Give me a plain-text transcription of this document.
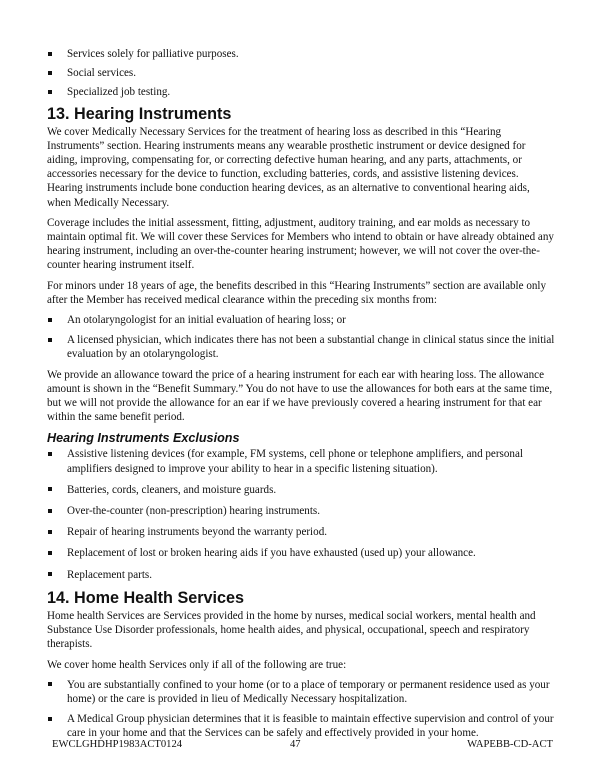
Services solely for palliative purposes.
Social services.
Specialized job testing.
13. Hearing Instruments

We cover Medically Necessary Services for the treatment of hearing loss as described in this “Hearing Instruments” section. Hearing instruments means any wearable prosthetic instrument or device designed for aiding, improving, compensating for, or correcting defective human hearing, and any parts, attachments, or accessories necessary for the device to function, excluding batteries, cords, and assistive listening devices. Hearing instruments include bone conduction hearing devices, as an alternative to conventional hearing aids, when Medically Necessary.

Coverage includes the initial assessment, fitting, adjustment, auditory training, and ear molds as necessary to maintain optimal fit. We will cover these Services for Members who intend to obtain or have already obtained any hearing instrument, including an over-the-counter hearing instrument; however, we will not cover the over-the-counter hearing instrument itself.

For minors under 18 years of age, the benefits described in this “Hearing Instruments” section are available only after the Member has received medical clearance within the preceding six months from:

An otolaryngologist for an initial evaluation of hearing loss; or
A licensed physician, which indicates there has not been a substantial change in clinical status since the initial evaluation by an otolaryngologist.

We provide an allowance toward the price of a hearing instrument for each ear with hearing loss. The allowance amount is shown in the “Benefit Summary.” You do not have to use the allowances for both ears at the same time, but we will not provide the allowance for an ear if we have previously covered a hearing instrument for that ear within the same benefit period.

Hearing Instruments Exclusions
Assistive listening devices (for example, FM systems, cell phone or telephone amplifiers, and personal amplifiers designed to improve your ability to hear in a specific listening situation).
Batteries, cords, cleaners, and moisture guards.
Over-the-counter (non-prescription) hearing instruments.
Repair of hearing instruments beyond the warranty period.
Replacement of lost or broken hearing aids if you have exhausted (used up) your allowance.
Replacement parts.
14. Home Health Services

Home health Services are Services provided in the home by nurses, medical social workers, mental health and Substance Use Disorder professionals, home health aides, and physical, occupational, speech and respiratory therapists.

We cover home health Services only if all of the following are true:

You are substantially confined to your home (or to a place of temporary or permanent residence used as your home) or the care is provided in lieu of Medically Necessary hospitalization.
A Medical Group physician determines that it is feasible to maintain effective supervision and control of your care in your home and that the Services can be safely and effectively provided in your home.
EWCLGHDHP1983ACT0124	47	WAPEBB-CD-ACT
